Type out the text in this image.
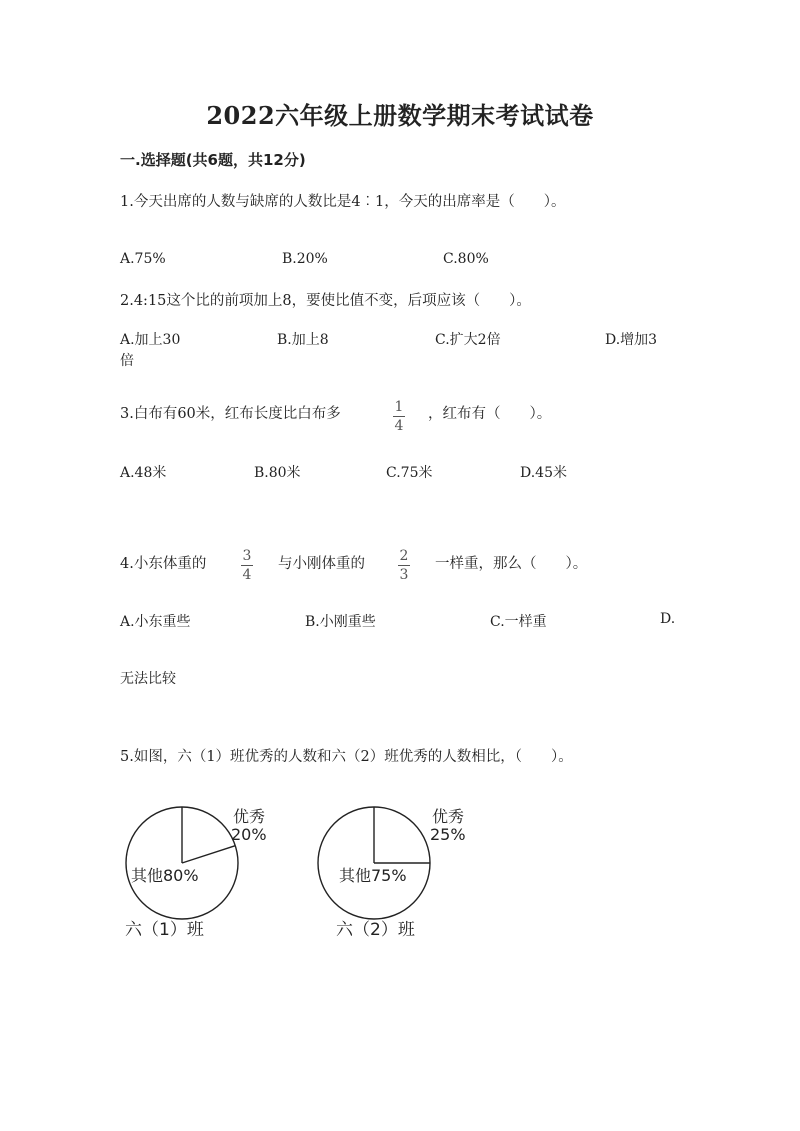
2022六年级上册数学期末考试试卷
一.选择题(共6题，共12分)
1.今天出席的人数与缺席的人数比是4︰1，今天的出席率是（　　）。
A.75%	B.20%	C.80%
2.4:15这个比的前项加上8，要使比值不变，后项应该（　　）。
A.加上30	B.加上8	C.扩大2倍	D.增加3
倍
3.白布有60米，红布长度比白布多	$\frac{1}{4}$ ，红布有（　　）。
A.48米	B.80米	C.75米	D.45米
4.小东体重的 $\frac{3}{4}$ 与小刚体重的 $\frac{2}{3}$ 一样重，那么（　　）。
A.小东重些	B.小刚重些	C.一样重	D.
无法比较
5.如图，六（1）班优秀的人数和六（2）班优秀的人数相比，（　　）。
优秀
20%
其他80%
六（1）班
优秀
25%
其他75%
六（2）班
